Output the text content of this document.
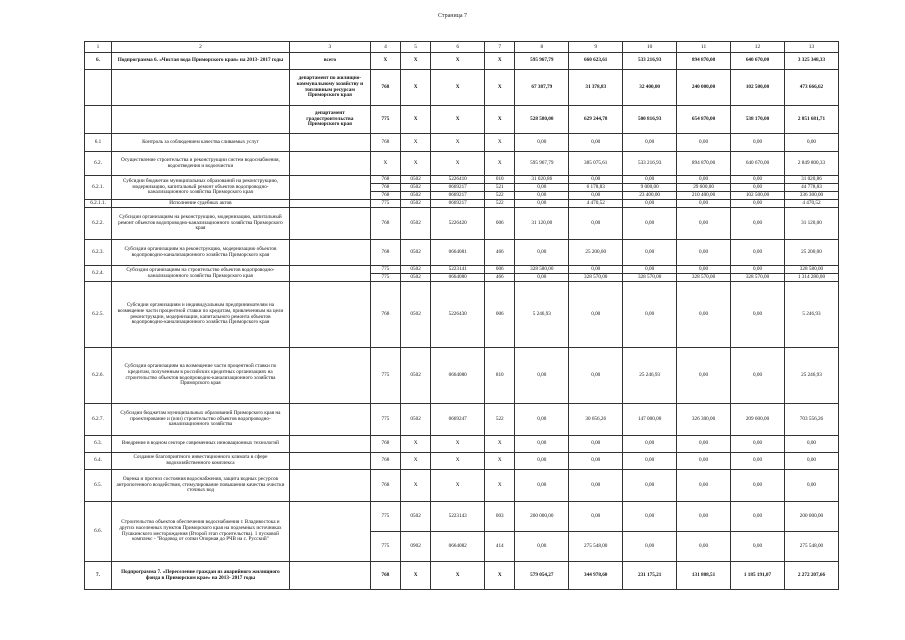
Страница 7
1	2	3	4	5	6	7	8	9	10	11	12	13
6.	Подпрограмма 6. «Чистая вода Приморского края» на 2013- 2017 годы	всего	X	X	X	X	595 967,79	660 623,61	533 216,93	894 870,00	640 670,00	3 325 348,33
		департамент по жилищно-коммунальному хозяйству и топливным ресурсам Приморского края	768	X	X	X	67 387,79	31 378,83	32 400,00	240 000,00	102 500,00	473 666,62
		департамент градостроительства Приморского края	775	X	X	X	528 580,00	629 244,78	500 816,93	654 870,00	538 170,00	2 851 681,71
6.1	Контроль за соблюдением качества сливаемых услуг		768	X	X	X	0,00	0,00	0,00	0,00	0,00	0,00
6.2.	Осуществление строительства и реконструкции систем водоснабжения, водоотведения и водоочистки		X	X	X	X	595 967,79	385 075,61	533 216,93	894 870,00	640 670,00	2 849 800,33
6.2.1.	Субсидии бюджетам муниципальных образований на реконструкцию, модернизацию, капитальный ремонт объектов водопроводно-канализационного хозяйства Приморского края		768	0502	5226410	010	31 020,86	0,00	0,00	0,00	0,00	31 020,86
			768	0502	0669217	521	0,00	6 178,83	9 000,00	29 600,00	0,00	44 778,83
			768	0502	0669217	522	0,00	0,00	23 400,00	210 400,00	102 500,00	336 300,00
6.2.1.1.	Исполнение судебных актов		775	0502	0669217	522	0,00	4 470,52	0,00	0,00	0,00	4 470,52
6.2.2.	Субсидии организациям на реконструкцию, модернизацию, капитальный ремонт объектов водопроводно-канализационного хозяйства Приморского края		768	0502	5226420	006	31 120,00	0,00	0,00	0,00	0,00	31 120,00
6.2.3.	Субсидии организациям на реконструкцию, модернизацию объектов водопроводно-канализационного хозяйства Приморского края		768	0502	0664081	466	0,00	25 200,00	0,00	0,00	0,00	25 200,00
6.2.4.	Субсидии организациям на строительство объектов водопроводно-канализационного хозяйства Приморского края		775	0502	5223141	006	328 580,00	0,00	0,00	0,00	0,00	328 580,00
			775	0502	0664080	466	0,00	328 570,00	328 570,00	328 570,00	328 570,00	1 314 280,00
6.2.5.	Субсидии организациям и индивидуальным предпринимателям на возмещение части процентной ставки по кредитам, привлеченным на цели реконструкции, модернизации, капитального ремонта объектов водопроводно-канализационного хозяйства Приморского края		768	0502	5226430	006	5 246,93	0,00	0,00	0,00	0,00	5 246,93
6.2.6.	Субсидии организациям на возмещение части процентной ставки по кредитам, полученным в российских кредитных организациях на строительство объектов водопроводно-канализационного хозяйства Приморского края		775	0502	0664080	810	0,00	0,00	25 246,93	0,00	0,00	25 246,93
6.2.7.	Субсидии бюджетам муниципальных образований Приморского края на проектирование и (или) строительство объектов водопроводно-канализационного хозяйства		775	0502	0669247	522	0,00	30 656,26	147 000,00	326 300,00	209 600,00	703 556,26
6.3.	Внедрение в водном секторе современных инновационных технологий		768	X	X	X	0,00	0,00	0,00	0,00	0,00	0,00
6.4.	Создание благоприятного инвестиционного климата в сфере водохозяйственного комплекса		768	X	X	X	0,00	0,00	0,00	0,00	0,00	0,00
6.5.	Оценка и прогноз состояния водоснабжения, защита водных ресурсов антропогенного воздействия, стимулирование повышения качества очистки сточных вод		768	X	X	X	0,00	0,00	0,00	0,00	0,00	0,00
6.6.	Строительство объектов обеспечения водоснабжения г. Владивостока и других населенных пунктов Приморского края на подземных источниках Пушкинского месторождения (Второй этап строительства). 1 пусковой комплекс - "Водовод от сопки Опорная до РЧВ на с. Русский"		775	0502	5223143	003	200 000,00	0,00	0,00	0,00	0,00	200 000,00
			775	0902	0664082	414	0,00	275 548,00	0,00	0,00	0,00	275 548,00
7.	Подпрограмма 7. «Переселение граждан из аварийного жилищного фонда в Приморском крае» на 2013- 2017 годы		768	X	X	X	579 054,27	344 978,60	231 175,21	131 808,51	1 185 191,07	2 272 207,66
